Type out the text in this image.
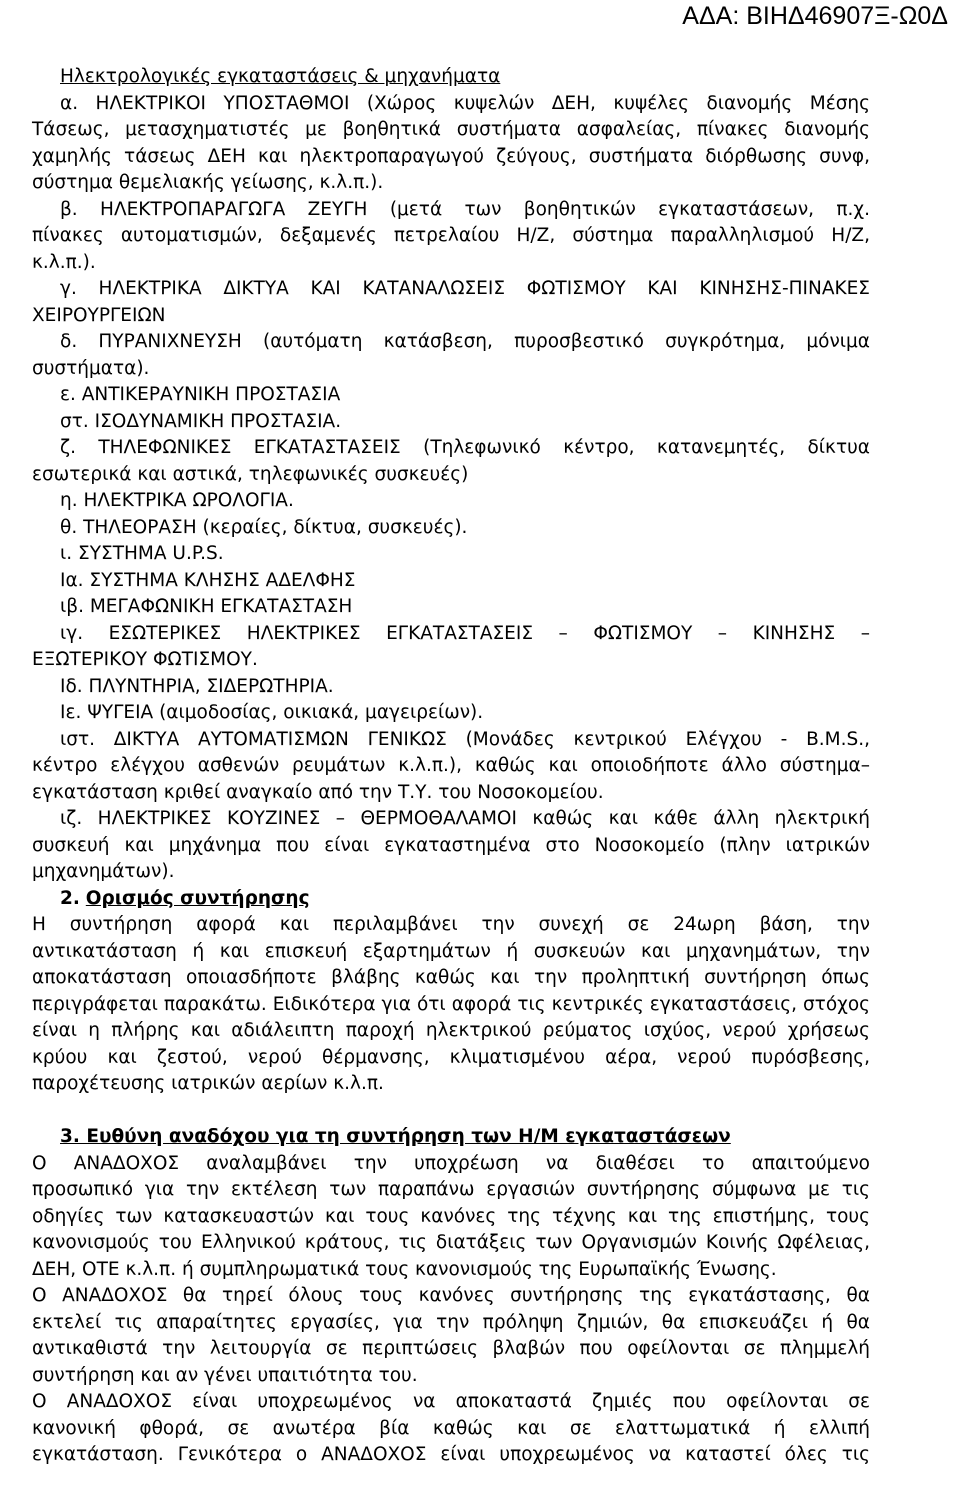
ΑΔΑ: ΒΙΗΔ46907Ξ-Ω0Δ
Ηλεκτρολογικές εγκαταστάσεις & μηχανήματα
α. ΗΛΕΚΤΡΙΚΟΙ ΥΠΟΣΤΑΘΜΟΙ (Χώρος κυψελών ΔΕΗ, κυψέλες διανομής Μέσης
Τάσεως, μετασχηματιστές με βοηθητικά συστήματα ασφαλείας, πίνακες διανομής
χαμηλής τάσεως ΔΕΗ και ηλεκτροπαραγωγού ζεύγους, συστήματα διόρθωσης συνφ,
σύστημα θεμελιακής γείωσης, κ.λ.π.).
β. ΗΛΕΚΤΡΟΠΑΡΑΓΩΓΑ ΖΕΥΓΗ (μετά των βοηθητικών εγκαταστάσεων, π.χ.
πίνακες αυτοματισμών, δεξαμενές πετρελαίου Η/Ζ, σύστημα παραλληλισμού Η/Ζ,
κ.λ.π.).
γ. ΗΛΕΚΤΡΙΚΑ ΔΙΚΤΥΑ ΚΑΙ ΚΑΤΑΝΑΛΩΣΕΙΣ ΦΩΤΙΣΜΟΥ ΚΑΙ ΚΙΝΗΣΗΣ-ΠΙΝΑΚΕΣ
ΧΕΙΡΟΥΡΓΕΙΩΝ
δ. ΠΥΡΑΝΙΧΝΕΥΣΗ (αυτόματη κατάσβεση, πυροσβεστικό συγκρότημα, μόνιμα
συστήματα).
ε. ΑΝΤΙΚΕΡΑΥΝΙΚΗ ΠΡΟΣΤΑΣΙΑ
στ. ΙΣΟΔΥΝΑΜΙΚΗ ΠΡΟΣΤΑΣΙΑ.
ζ. ΤΗΛΕΦΩΝΙΚΕΣ ΕΓΚΑΤΑΣΤΑΣΕΙΣ (Τηλεφωνικό κέντρο, κατανεμητές, δίκτυα
εσωτερικά και αστικά, τηλεφωνικές συσκευές)
η. ΗΛΕΚΤΡΙΚΑ ΩΡΟΛΟΓΙΑ.
θ. ΤΗΛΕΟΡΑΣΗ (κεραίες, δίκτυα, συσκευές).
ι. ΣΥΣΤΗΜΑ U.P.S.
Ια. ΣΥΣΤΗΜΑ ΚΛΗΣΗΣ ΑΔΕΛΦΗΣ
ιβ. ΜΕΓΑΦΩΝΙΚΗ ΕΓΚΑΤΑΣΤΑΣΗ
ιγ. ΕΣΩΤΕΡΙΚΕΣ ΗΛΕΚΤΡΙΚΕΣ ΕΓΚΑΤΑΣΤΑΣΕΙΣ – ΦΩΤΙΣΜΟΥ – ΚΙΝΗΣΗΣ –
ΕΞΩΤΕΡΙΚΟΥ ΦΩΤΙΣΜΟΥ.
Ιδ. ΠΛΥΝΤΗΡΙΑ, ΣΙΔΕΡΩΤΗΡΙΑ.
Ιε. ΨΥΓΕΙΑ (αιμοδοσίας, οικιακά, μαγειρείων).
ιστ. ΔΙΚΤΥΑ ΑΥΤΟΜΑΤΙΣΜΩΝ ΓΕΝΙΚΩΣ (Μονάδες κεντρικού Ελέγχου - B.M.S.,
κέντρο ελέγχου ασθενών ρευμάτων κ.λ.π.), καθώς και οποιοδήποτε άλλο σύστημα–
εγκατάσταση κριθεί αναγκαίο από την Τ.Υ. του Νοσοκομείου.
ιζ. ΗΛΕΚΤΡΙΚΕΣ ΚΟΥΖΙΝΕΣ – ΘΕΡΜΟΘΑΛΑΜΟΙ καθώς και κάθε άλλη ηλεκτρική
συσκευή και μηχάνημα που είναι εγκαταστημένα στο Νοσοκομείο (πλην ιατρικών
μηχανημάτων).
2. Ορισμός συντήρησης
Η συντήρηση αφορά και περιλαμβάνει την συνεχή σε 24ωρη βάση, την
αντικατάσταση ή και επισκευή εξαρτημάτων ή συσκευών και μηχανημάτων, την
αποκατάσταση οποιασδήποτε βλάβης καθώς και την προληπτική συντήρηση όπως
περιγράφεται παρακάτω. Ειδικότερα για ότι αφορά τις κεντρικές εγκαταστάσεις, στόχος
είναι η πλήρης και αδιάλειπτη παροχή ηλεκτρικού ρεύματος ισχύος, νερού χρήσεως
κρύου και ζεστού, νερού θέρμανσης, κλιματισμένου αέρα, νερού πυρόσβεσης,
παροχέτευσης ιατρικών αερίων κ.λ.π.
3. Ευθύνη αναδόχου για τη συντήρηση των Η/Μ εγκαταστάσεων
Ο ΑΝΑΔΟΧΟΣ αναλαμβάνει την υποχρέωση να διαθέσει το απαιτούμενο
προσωπικό για την εκτέλεση των παραπάνω εργασιών συντήρησης σύμφωνα με τις
οδηγίες των κατασκευαστών και τους κανόνες της τέχνης και της επιστήμης, τους
κανονισμούς του Ελληνικού κράτους, τις διατάξεις των Οργανισμών Κοινής Ωφέλειας,
ΔΕΗ, ΟΤΕ κ.λ.π. ή συμπληρωματικά τους κανονισμούς της Ευρωπαϊκής Ένωσης.
Ο ΑΝΑΔΟΧΟΣ θα τηρεί όλους τους κανόνες συντήρησης της εγκατάστασης, θα
εκτελεί τις απαραίτητες εργασίες, για την πρόληψη ζημιών, θα επισκευάζει ή θα
αντικαθιστά την λειτουργία σε περιπτώσεις βλαβών που οφείλονται σε πλημμελή
συντήρηση και αν γένει υπαιτιότητα του.
Ο ΑΝΑΔΟΧΟΣ είναι υποχρεωμένος να αποκαταστά ζημιές που οφείλονται σε
κανονική φθορά, σε ανωτέρα βία καθώς και σε ελαττωματικά ή ελλιπή
εγκατάσταση. Γενικότερα ο ΑΝΑΔΟΧΟΣ είναι υποχρεωμένος να καταστεί όλες τις
